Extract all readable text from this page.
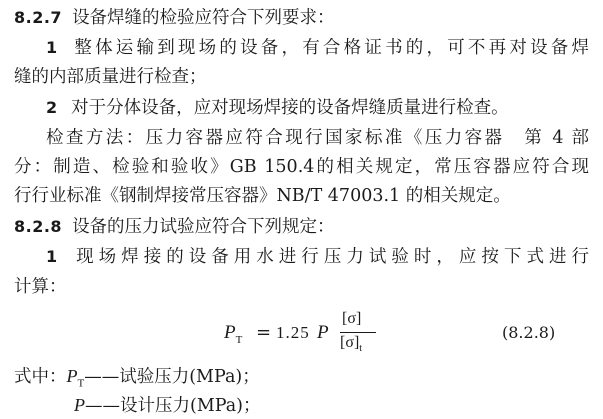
8.2.7 设备焊缝的检验应符合下列要求：
1 整体运输到现场的设备，有合格证书的，可不再对设备焊
缝的内部质量进行检查；
2 对于分体设备，应对现场焊接的设备焊缝质量进行检查。
检查方法：压力容器应符合现行国家标准《压力容器　第 4 部
分：制造、检验和验收》GB 150.4的相关规定，常压容器应符合现
行行业标准《钢制焊接常压容器》NB/T 47003.1 的相关规定。
8.2.8 设备的压力试验应符合下列规定：
1 现场焊接的设备用水进行压力试验时，应按下式进行
计算：
$P_T = 1.25$ P
[σ]
$[\sigma]_t$
(8.2.8)
式中：$P_T——$试验压力(MPa)；
P——设计压力(MPa)；
